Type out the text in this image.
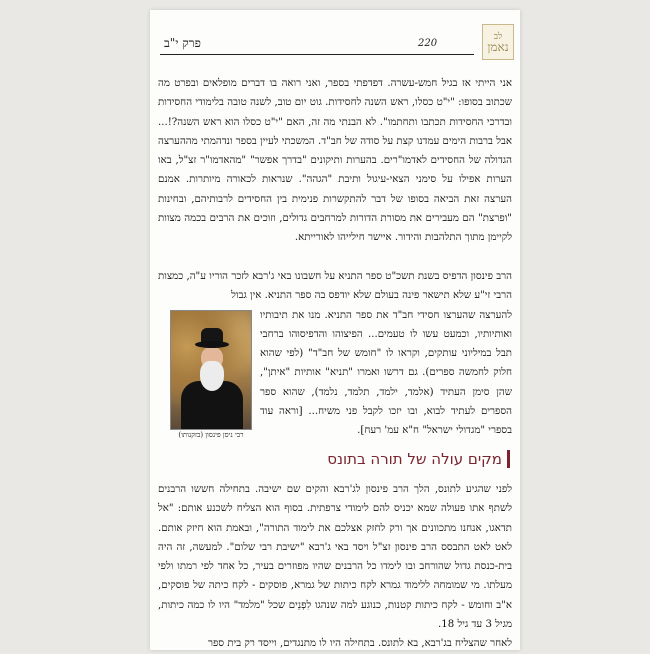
לב
נאמן
פרק י"ב	220

אני הייתי אז בגיל חמש-עשרה. דפדפתי בספר, ואני רואה בו דברים מופלאים ובפרט מה שכתוב בסופו: "י"ט כסלו, ראש השנה לחסידות. גוט יום טוב, לשנה טובה בלימודי החסידות ובדרכי החסידות תכתבו ותחתמו". לא הבנתי מה זה, האם "י"ט כסלו הוא ראש השנה?!... אבל ברבות הימים עמדנו קצת על סודה של חב"ד. המשכתי לעיין בספר ונדהמתי מההערצה הגדולה של החסידים לאדמו"רים. בהערות ותיקונים "בדרך אפשר" "מהאדמו"ר זצ"ל, באו הערות אפילו על סימני הצאי-עיגול ותיבת "הגהה". שנראות לכאורה מיותרות. אמנם הערצה זאת הביאה בסופו של דבר להתקשרות פנימית בין החסידים לרבותיהם, ובחינות "ופרצת" הם מעבירים את מסורת הדורות למרחבים גדולים, וזוכים את הרבים בכמה מצוות לקיימן מתוך התלהבות והידור. איישר חילייהו לאורייתא.

הרב פינסון הדפיס בשנת תשכ"ט ספר התניא על חשבונו באי ג'רבא לזכר הוריו ע"ה, כמצות הרבי זי"ע שלא תישאר פינה בעולם שלא יודפס בה ספר התניא. אין גבול

להערצה שהערצו חסידי חב"ד את ספר התניא. מנו את תיבותיו ואותיותיו, וכמעט עשו לו טעמים... הפיצוהו והדפיסוהו ברחבי תבל במיליוני עותקים, וקראו לו "חומש של חב"ד" (לפי שהוא חלוק לחמשה ספרים). גם דרשו ואמרו "תניא" אותיות "איתן", שהן סימן העתיד (אלמד, ילמד, תלמד, נלמד), שהוא ספר הספרים לעתיד לבוא, ובו יזכו לקבל פני משיח... [וראה עוד בספרי "מגדולי ישראל" ח"א עמ' רעח].

רבי ניסן פינסון (בזקנותו)
מקים עולה של תורה בתונס

לפני שהגיע לתונס, הלך הרב פינסון לג'רבא והקים שם ישיבה. בתחילה חששו הרבנים לשתף אתו פעולה שמא יכניס להם לימודי צרפתית. בסוף הוא הצליח לשכנע אותם: "אל תדאגו, אנחנו מתכוונים אך ורק לחזק אצלכם את לימוד התורה", ובאמת הוא חיזק אותם. לאט לאט התבסס הרב פינסון זצ"ל ויסד באי ג'רבא "ישיבת רבי שלום". למעשה, זה היה בית-כנסת גדול שהורחב ובו לימדו כל הרבנים שהיו מפוזרים בעיר, כל אחד לפי רמתו ולפי מעלתו. מי שמומחה ללימוד גמרא לקח כיתות של גמרא, פוסקים - לקח כיתה של פוסקים, א"ב וחומש - לקח כיתות קטנות, כנוגע למה שנהגו לִפְנֵים שכל "מלמד" היו לו כמה כיתות, מגיל 3 עד גיל 18.

לאחר שהצליח בג'רבא, בא לתונס. בתחילה היו לו מתנגדים, וייסד רק בית ספר
